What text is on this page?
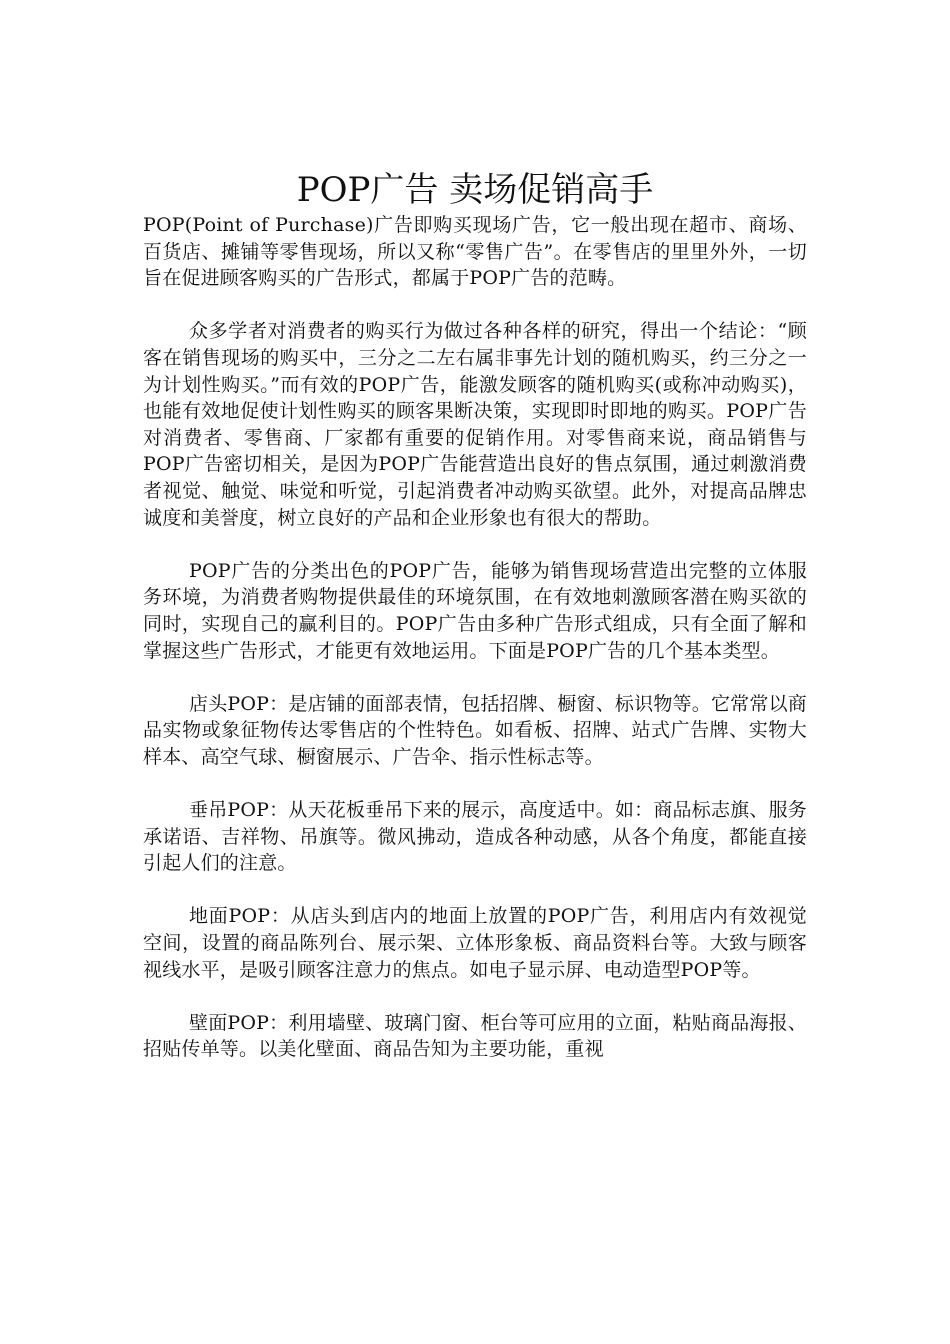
POP广告 卖场促销高手

POP(Point of Purchase)广告即购买现场广告，它一般出现在超市、商场、百货店、摊铺等零售现场，所以又称“零售广告”。在零售店的里里外外，一切旨在促进顾客购买的广告形式，都属于POP广告的范畴。

众多学者对消费者的购买行为做过各种各样的研究，得出一个结论：“顾客在销售现场的购买中，三分之二左右属非事先计划的随机购买，约三分之一为计划性购买。”而有效的POP广告，能激发顾客的随机购买(或称冲动购买)，也能有效地促使计划性购买的顾客果断决策，实现即时即地的购买。POP广告对消费者、零售商、厂家都有重要的促销作用。对零售商来说，商品销售与POP广告密切相关，是因为POP广告能营造出良好的售点氛围，通过刺激消费者视觉、触觉、味觉和听觉，引起消费者冲动购买欲望。此外，对提高品牌忠诚度和美誉度，树立良好的产品和企业形象也有很大的帮助。

POP广告的分类出色的POP广告，能够为销售现场营造出完整的立体服务环境，为消费者购物提供最佳的环境氛围，在有效地刺激顾客潜在购买欲的同时，实现自己的赢利目的。POP广告由多种广告形式组成，只有全面了解和掌握这些广告形式，才能更有效地运用。下面是POP广告的几个基本类型。

店头POP：是店铺的面部表情，包括招牌、橱窗、标识物等。它常常以商品实物或象征物传达零售店的个性特色。如看板、招牌、站式广告牌、实物大样本、高空气球、橱窗展示、广告伞、指示性标志等。

垂吊POP：从天花板垂吊下来的展示，高度适中。如：商品标志旗、服务承诺语、吉祥物、吊旗等。微风拂动，造成各种动感，从各个角度，都能直接引起人们的注意。

地面POP：从店头到店内的地面上放置的POP广告，利用店内有效视觉空间，设置的商品陈列台、展示架、立体形象板、商品资料台等。大致与顾客视线水平，是吸引顾客注意力的焦点。如电子显示屏、电动造型POP等。

壁面POP：利用墙壁、玻璃门窗、柜台等可应用的立面，粘贴商品海报、招贴传单等。以美化壁面、商品告知为主要功能，重视
